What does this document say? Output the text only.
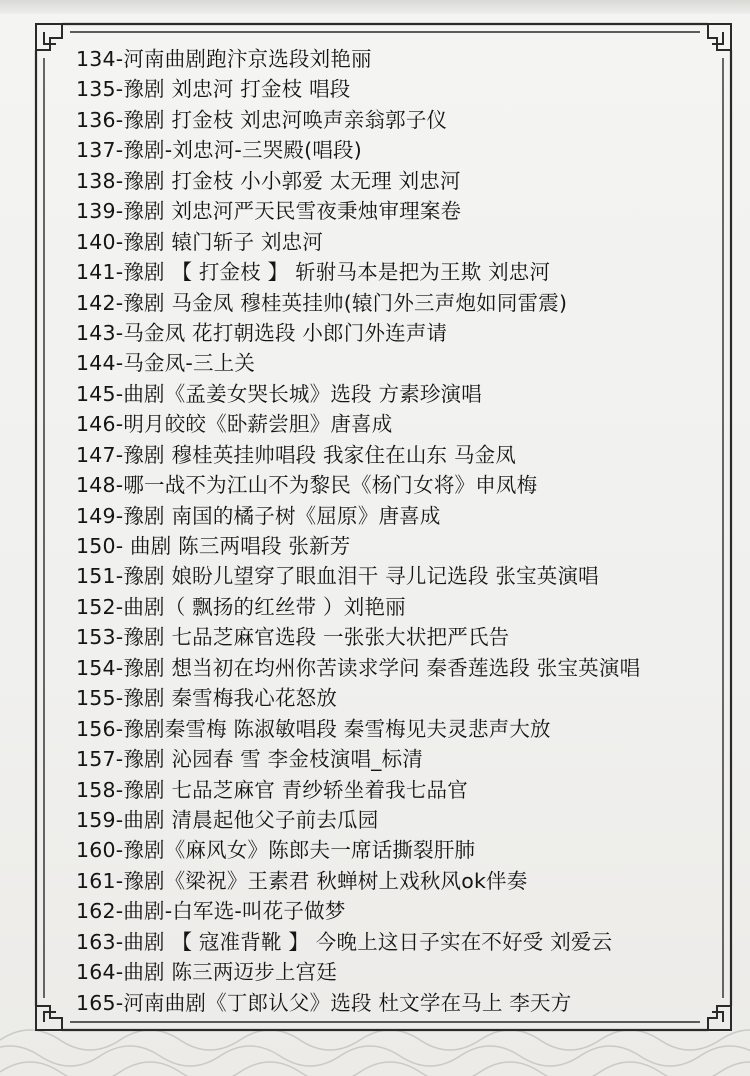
134-河南曲剧跑汴京选段刘艳丽
135-豫剧 刘忠河 打金枝 唱段
136-豫剧 打金枝 刘忠河唤声亲翁郭子仪
137-豫剧-刘忠河-三哭殿(唱段)
138-豫剧 打金枝 小小郭爱 太无理 刘忠河
139-豫剧 刘忠河严天民雪夜秉烛审理案卷
140-豫剧 辕门斩子 刘忠河
141-豫剧 【 打金枝 】 斩驸马本是把为王欺 刘忠河
142-豫剧 马金凤 穆桂英挂帅(辕门外三声炮如同雷震)
143-马金凤 花打朝选段 小郎门外连声请
144-马金凤-三上关
145-曲剧《孟姜女哭长城》选段 方素珍演唱
146-明月皎皎《卧薪尝胆》唐喜成
147-豫剧 穆桂英挂帅唱段 我家住在山东 马金凤
148-哪一战不为江山不为黎民《杨门女将》申凤梅
149-豫剧 南国的橘子树《屈原》唐喜成
150- 曲剧 陈三两唱段 张新芳
151-豫剧 娘盼儿望穿了眼血泪干 寻儿记选段 张宝英演唱
152-曲剧（ 飘扬的红丝带 ）刘艳丽
153-豫剧 七品芝麻官选段 一张张大状把严氏告
154-豫剧 想当初在均州你苦读求学问 秦香莲选段 张宝英演唱
155-豫剧 秦雪梅我心花怒放
156-豫剧秦雪梅 陈淑敏唱段 秦雪梅见夫灵悲声大放
157-豫剧 沁园春 雪 李金枝演唱_标清
158-豫剧 七品芝麻官 青纱轿坐着我七品官
159-曲剧 清晨起他父子前去瓜园
160-豫剧《麻风女》陈郎夫一席话撕裂肝肺
161-豫剧《梁祝》王素君 秋蝉树上戏秋风ok伴奏
162-曲剧-白军选-叫花子做梦
163-曲剧 【 寇准背靴 】 今晚上这日子实在不好受 刘爱云
164-曲剧 陈三两迈步上宫廷
165-河南曲剧《丁郎认父》选段 杜文学在马上 李天方
